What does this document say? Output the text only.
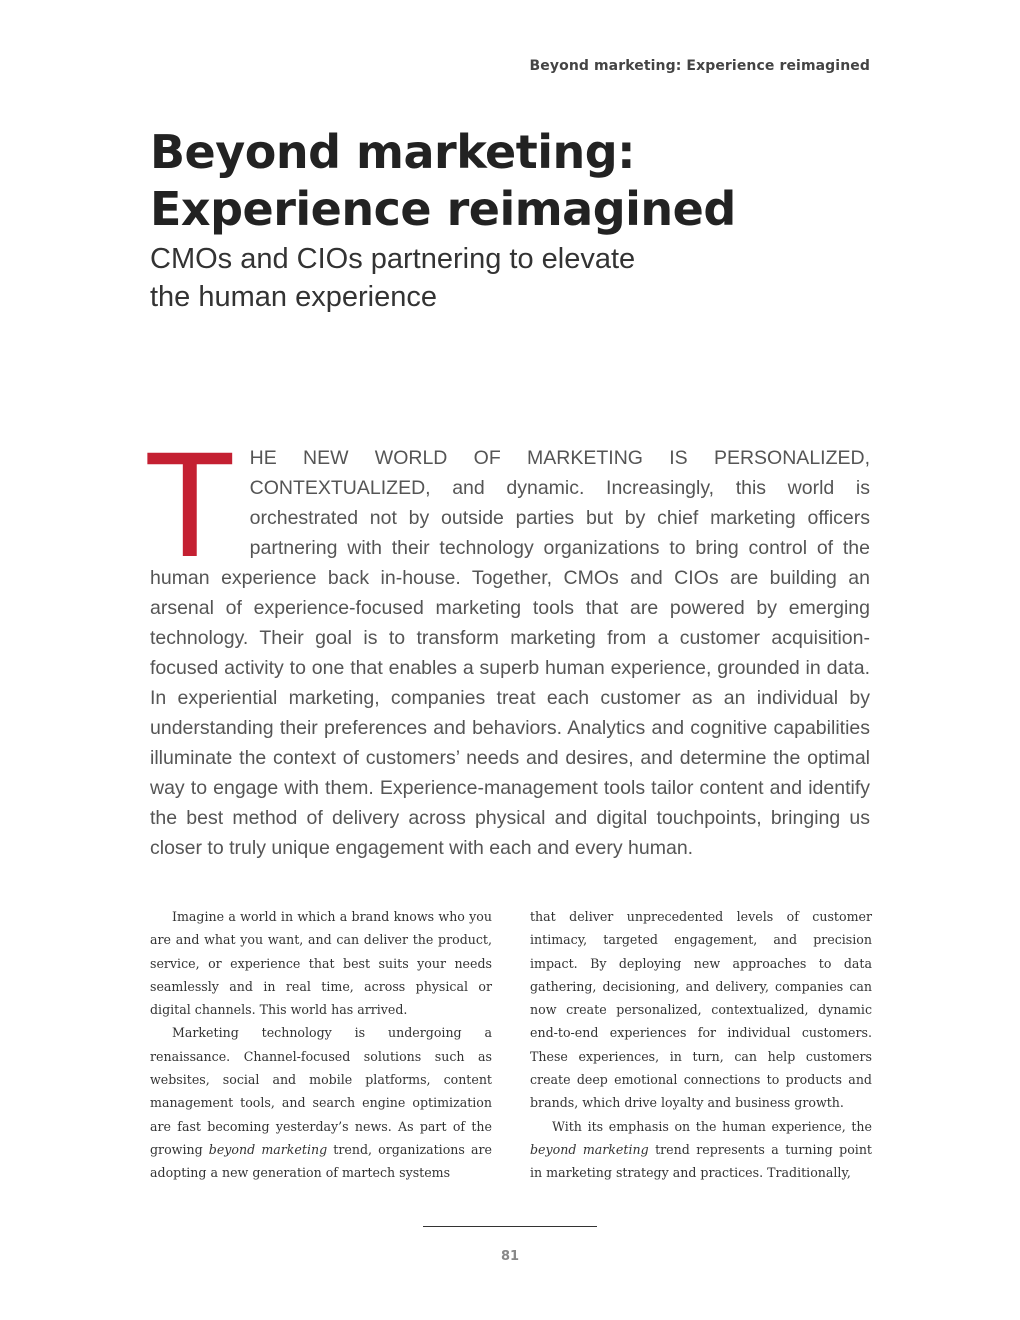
Beyond marketing: Experience reimagined
Beyond marketing:
Experience reimagined
CMOs and CIOs partnering to elevate
the human experience

THE NEW WORLD OF MARKETING IS PERSONALIZED, CONTEXTUALIZED, and dynamic. Increasingly, this world is orchestrated not by outside parties but by chief marketing officers partnering with their technology organizations to bring control of the human experience back in-house. Together, CMOs and CIOs are building an arsenal of experience-focused marketing tools that are powered by emerging technology. Their goal is to transform marketing from a customer acquisition-focused activity to one that enables a superb human experience, grounded in data. In experiential marketing, companies treat each customer as an individual by understanding their preferences and behaviors. Analytics and cognitive capabilities illuminate the context of customers’ needs and desires, and determine the optimal way to engage with them. Experience-management tools tailor content and identify the best method of delivery across physical and digital touchpoints, bringing us closer to truly unique engagement with each and every human.

Imagine a world in which a brand knows who you are and what you want, and can deliver the product, service, or experience that best suits your needs seamlessly and in real time, across physical or digital channels. This world has arrived.

Marketing technology is undergoing a renaissance. Channel-focused solutions such as websites, social and mobile platforms, content management tools, and search engine optimization are fast becoming yesterday’s news. As part of the growing beyond marketing trend, organizations are adopting a new generation of martech systems

that deliver unprecedented levels of customer intimacy, targeted engagement, and precision impact. By deploying new approaches to data gathering, decisioning, and delivery, companies can now create personalized, contextualized, dynamic end-to-end experiences for individual customers. These experiences, in turn, can help customers create deep emotional connections to products and brands, which drive loyalty and business growth.

With its emphasis on the human experience, the beyond marketing trend represents a turning point in marketing strategy and practices. Traditionally,

81
